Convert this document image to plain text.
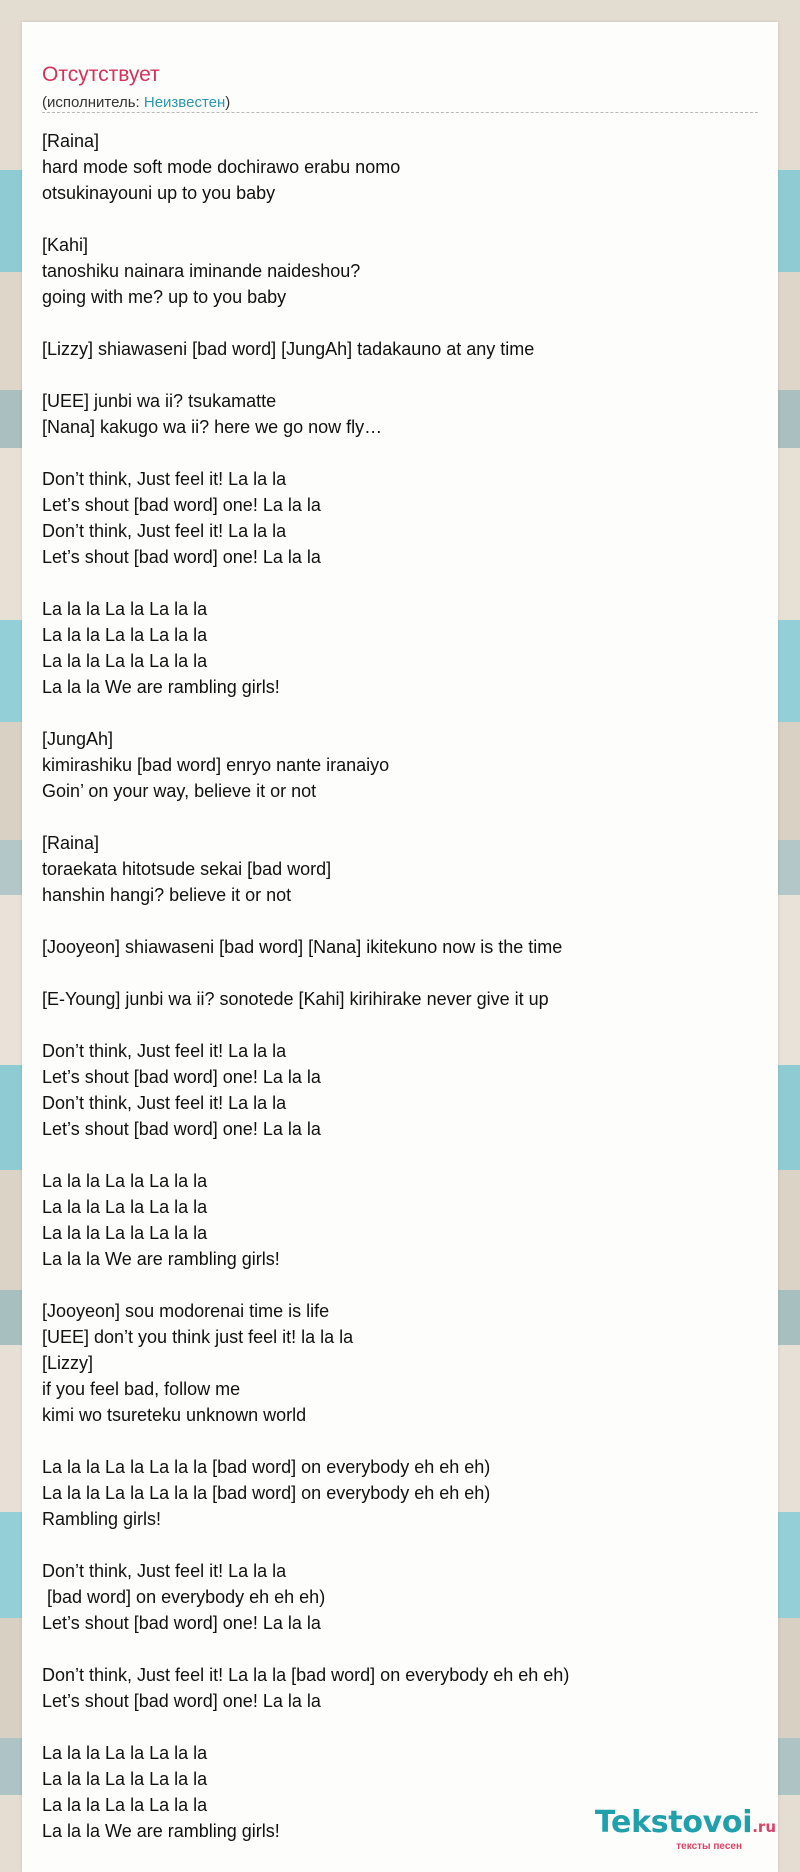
Отсутствует
(исполнитель: Неизвестен)
[Raina]
hard mode soft mode dochirawo erabu nomo
otsukinayouni up to you baby
[Kahi]
tanoshiku nainara iminande naideshou?
going with me? up to you baby
[Lizzy] shiawaseni [bad word] [JungAh] tadakauno at any time
[UEE] junbi wa ii? tsukamatte
[Nana] kakugo wa ii? here we go now fly…
Don’t think, Just feel it! La la la
Let’s shout [bad word] one! La la la
Don’t think, Just feel it! La la la
Let’s shout [bad word] one! La la la
La la la La la La la la
La la la La la La la la
La la la La la La la la
La la la We are rambling girls!
[JungAh]
kimirashiku [bad word] enryo nante iranaiyo
Goin’ on your way, believe it or not
[Raina]
toraekata hitotsude sekai [bad word]
hanshin hangi? believe it or not
[Jooyeon] shiawaseni [bad word] [Nana] ikitekuno now is the time
[E-Young] junbi wa ii? sonotede [Kahi] kirihirake never give it up
Don’t think, Just feel it! La la la
Let’s shout [bad word] one! La la la
Don’t think, Just feel it! La la la
Let’s shout [bad word] one! La la la
La la la La la La la la
La la la La la La la la
La la la La la La la la
La la la We are rambling girls!
[Jooyeon] sou modorenai time is life
[UEE] don’t you think just feel it! la la la
[Lizzy]
if you feel bad, follow me
kimi wo tsureteku unknown world
La la la La la La la la [bad word] on everybody eh eh eh)
La la la La la La la la [bad word] on everybody eh eh eh)
Rambling girls!
Don’t think, Just feel it! La la la
[bad word] on everybody eh eh eh)
Let’s shout [bad word] one! La la la
Don’t think, Just feel it! La la la [bad word] on everybody eh eh eh)
Let’s shout [bad word] one! La la la
La la la La la La la la
La la la La la La la la
La la la La la La la la
La la la We are rambling girls!	Tekstovoi.ru
тексты песен
